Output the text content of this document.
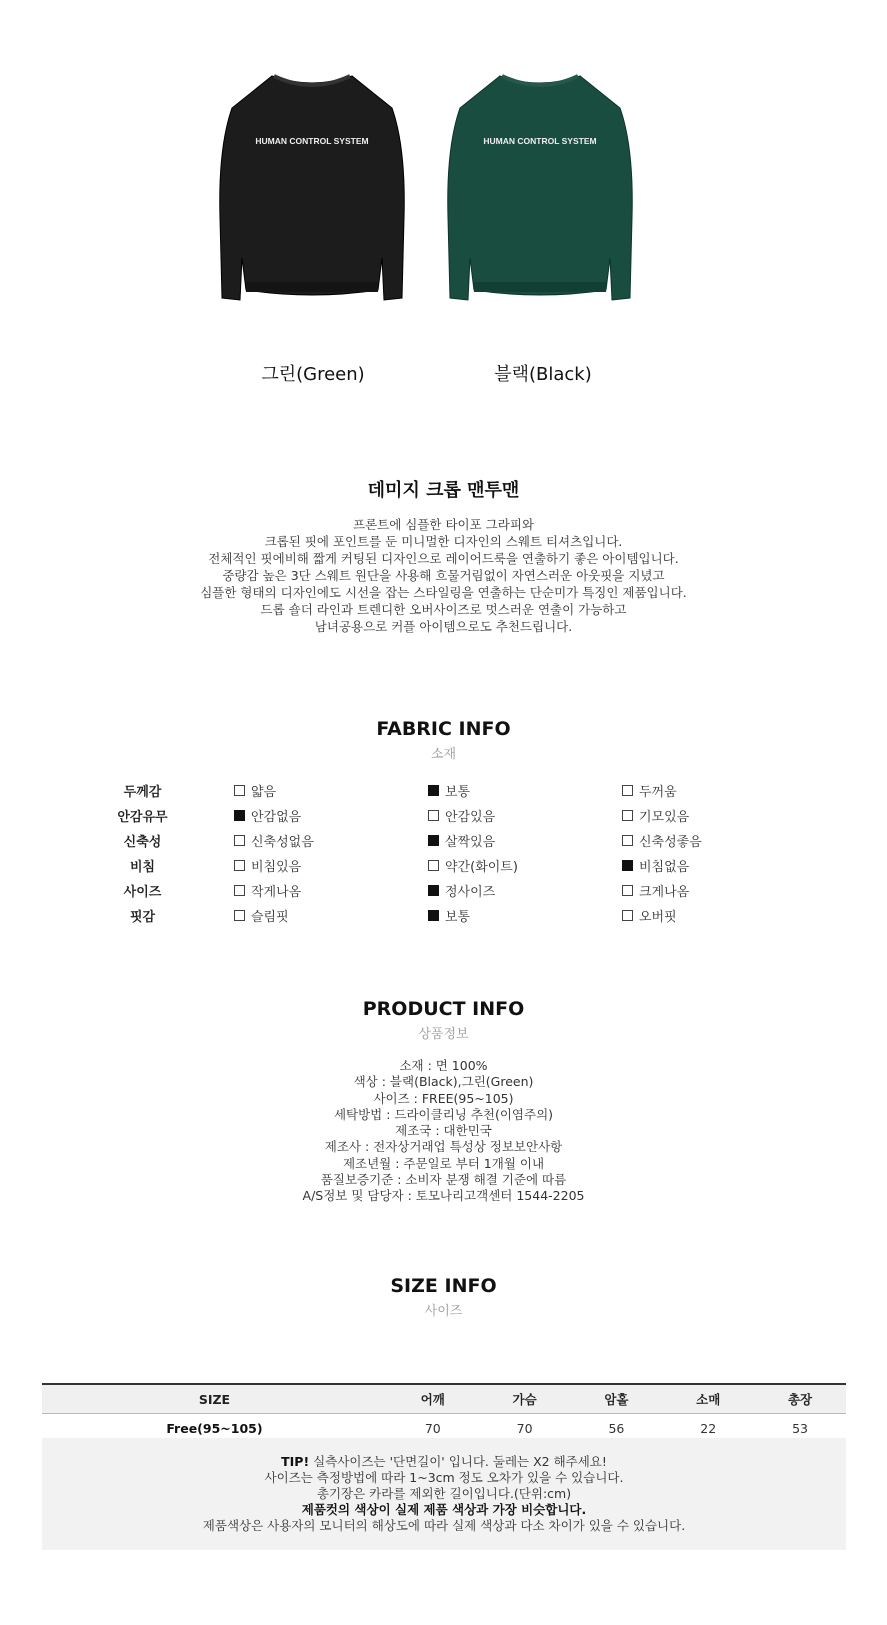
HUMAN CONTROL SYSTEM	HUMAN CONTROL SYSTEM
그린(Green)	블랙(Black)
데미지 크롭 맨투맨
프론트에 심플한 타이포 그라피와
크롭된 핏에 포인트를 둔 미니멀한 디자인의 스웨트 티셔츠입니다.
전체적인 핏에비해 짧게 커팅된 디자인으로 레이어드룩을 연출하기 좋은 아이템입니다.
중량감 높은 3단 스웨트 원단을 사용해 흐물거림없이 자연스러운 아웃핏을 지녔고
심플한 형태의 디자인에도 시선을 잡는 스타일링을 연출하는 단순미가 특징인 제품입니다.
드롭 숄더 라인과 트렌디한 오버사이즈로 멋스러운 연출이 가능하고
남녀공용으로 커플 아이템으로도 추천드립니다.
FABRIC INFO
소재
두께감	얇음	보통	두꺼움
안감유무	안감없음	안감있음	기모있음
신축성	신축성없음	살짝있음	신축성좋음
비침	비침있음	약간(화이트)	비침없음
사이즈	작게나옴	정사이즈	크게나옴
핏감	슬림핏	보통	오버핏
PRODUCT INFO
상품정보
소재 : 면 100%
색상 : 블랙(Black),그린(Green)
사이즈 : FREE(95~105)
세탁방법 : 드라이클리닝 추천(이염주의)
제조국 : 대한민국
제조사 : 전자상거래업 특성상 정보보안사항
제조년월 : 주문일로 부터 1개월 이내
품질보증기준 : 소비자 분쟁 해결 기준에 따름
A/S정보 및 담당자 : 토모나리고객센터 1544-2205
SIZE INFO
사이즈
SIZE	어깨	가슴	암홀	소매	총장
Free(95~105)	70	70	56	22	53
TIP! 실측사이즈는 '단면길이' 입니다. 둘레는 X2 해주세요!
사이즈는 측정방법에 따라 1~3cm 정도 오차가 있을 수 있습니다.
총기장은 카라를 제외한 길이입니다.(단위:cm)
제품컷의 색상이 실제 제품 색상과 가장 비슷합니다.
제품색상은 사용자의 모니터의 해상도에 따라 실제 색상과 다소 차이가 있을 수 있습니다.
